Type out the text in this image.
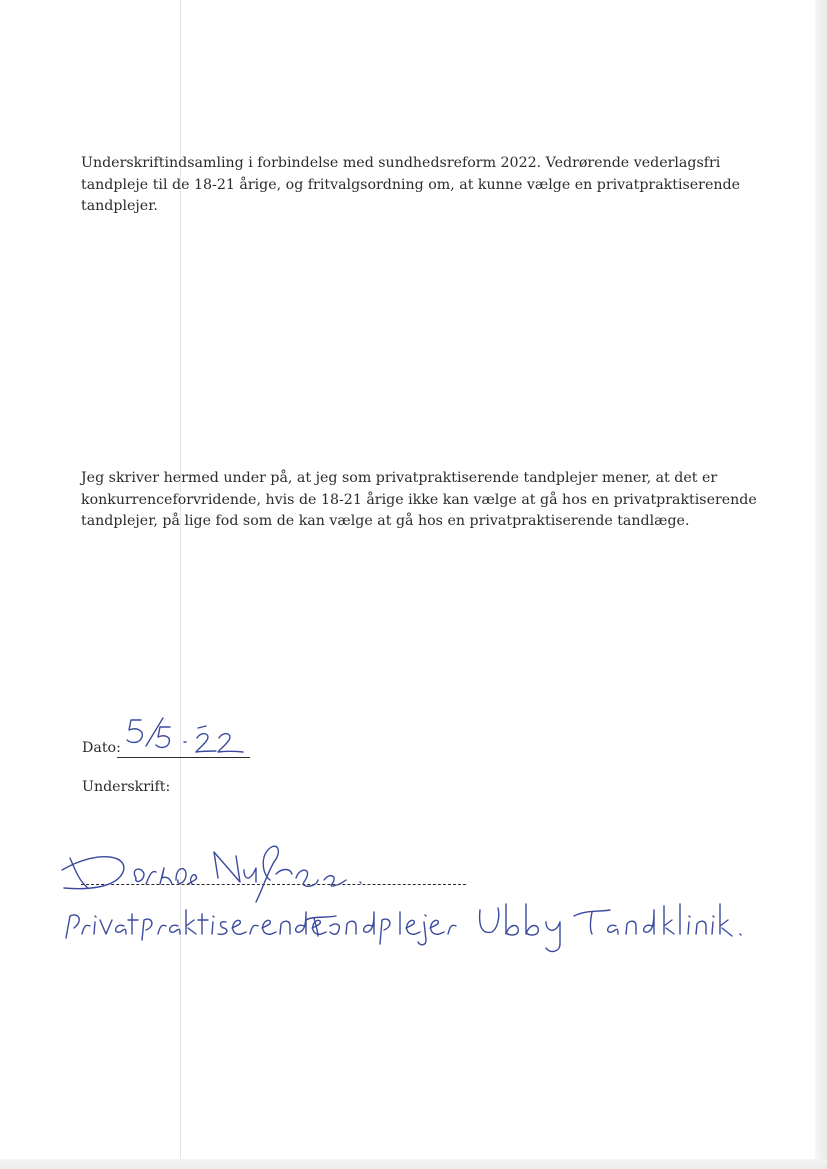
Underskriftindsamling i forbindelse med sundhedsreform 2022. Vedrørende vederlagsfri tandpleje til de 18-21 årige, og fritvalgsordning om, at kunne vælge en privatpraktiserende tandplejer.

Jeg skriver hermed under på, at jeg som privatpraktiserende tandplejer mener, at det er konkurrenceforvridende, hvis de 18-21 årige ikke kan vælge at gå hos en privatpraktiserende tandplejer, på lige fod som de kan vælge at gå hos en privatpraktiserende tandlæge.

Dato:
Underskrift:
